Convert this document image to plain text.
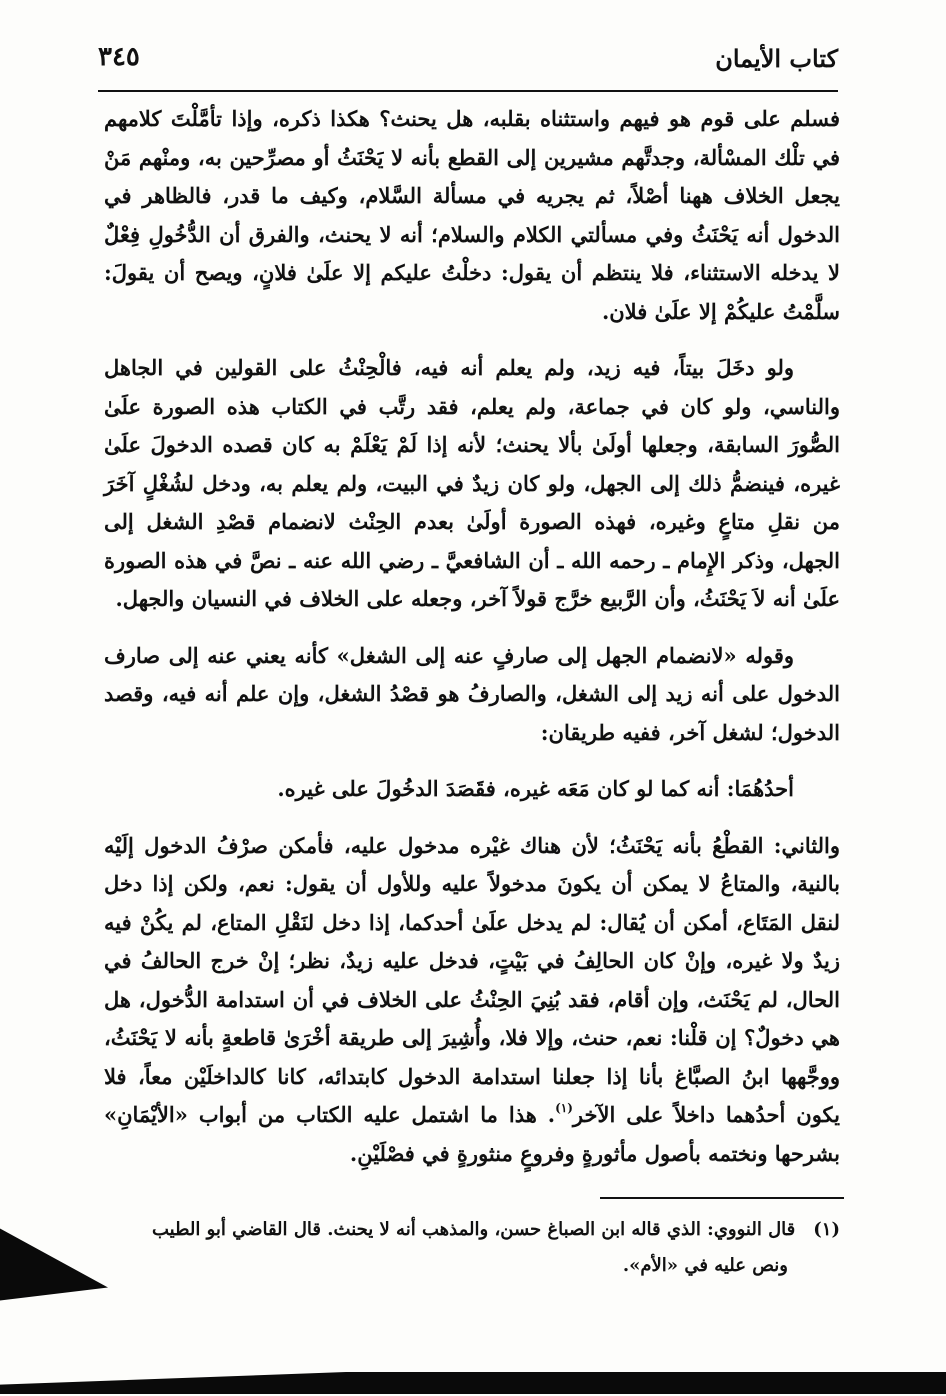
كتاب الأيمان
٣٤٥

فسلم على قوم هو فيهم واستثناه بقلبه، هل يحنث؟ هكذا ذكره، وإذا تأمَّلْتَ كلامهم في تلْك المسْألة، وجدتَّهم مشيرين إلى القطع بأنه لا يَحْنَثُ أو مصرِّحين به، ومنْهم مَنْ يجعل الخلاف ههنا أصْلاً، ثم يجريه في مسألة السَّلام، وكيف ما قدر، فالظاهر في الدخول أنه يَحْنَثُ وفي مسألتي الكلام والسلام؛ أنه لا يحنث، والفرق أن الدُّخُولِ فِعْلٌ لا يدخله الاستثناء، فلا ينتظم أن يقول: دخلْتُ عليكم إلا علَىٰ فلانٍ، ويصح أن يقولَ: سلَّمْتُ عليكُمْ إلا علَىٰ فلان.

ولو دخَلَ بيتاً، فيه زيد، ولم يعلم أنه فيه، فالْحِنْثُ على القولين في الجاهل والناسي، ولو كان في جماعة، ولم يعلم، فقد رتَّب في الكتاب هذه الصورة علَىٰ الصُّورَ السابقة، وجعلها أولَىٰ بألا يحنث؛ لأنه إذا لَمْ يَعْلَمْ به كان قصده الدخولَ علَىٰ غيره، فينضمُّ ذلك إلى الجهل، ولو كان زيدٌ في البيت، ولم يعلم به، ودخل لشُغْلٍ آخَرَ من نقلِ متاعٍ وغيره، فهذه الصورة أولَىٰ بعدم الحِنْث لانضمام قصْدِ الشغل إلى الجهل، وذكر الإِمام ـ رحمه الله ـ أن الشافعيَّ ـ رضي الله عنه ـ نصَّ في هذه الصورة علَىٰ أنه لاَ يَحْنَثُ، وأن الرَّبيع خرَّج قولاً آخر، وجعله على الخلاف في النسيان والجهل.

وقوله «لانضمام الجهل إلى صارفٍ عنه إلى الشغل» كأنه يعني عنه إلى صارف الدخول على أنه زيد إلى الشغل، والصارفُ هو قصْدُ الشغل، وإن علم أنه فيه، وقصد الدخول؛ لشغل آخر، ففيه طريقان:

أحدُهُمَا: أنه كما لو كان مَعَه غيره، فقَصَدَ الدخُولَ على غيره.

والثاني: القطْعُ بأنه يَحْنَثُ؛ لأن هناك غيْره مدخول عليه، فأمكن صرْفُ الدخول إلَيْه بالنية، والمتاعُ لا يمكن أن يكونَ مدخولاً عليه وللأول أن يقول: نعم، ولكن إذا دخل لنقل المَتَاع، أمكن أن يُقال: لم يدخل علَىٰ أحدكما، إذا دخل لنَقْلِ المتاع، لم يكُنْ فيه زيدٌ ولا غيره، وإنْ كان الحالِفُ في بَيْتٍ، فدخل عليه زيدٌ، نظر؛ إنْ خرج الحالفُ في الحال، لم يَحْنَث، وإن أقام، فقد بُنِيَ الحِنْثُ على الخلاف في أن استدامة الدُّخول، هل هي دخولٌ؟ إن قلْنا: نعم، حنث، وإلا فلا، وأُشِيرَ إلى طريقة أخْرَىٰ قاطعةٍ بأنه لا يَحْنَثُ، ووجَّهها ابنُ الصبَّاغ بأنا إذا جعلنا استدامة الدخول كابتدائه، كانا كالداخلَيْن معاً، فلا يكون أحدُهما داخلاً على الآخر$^{(١)}$. هذا ما اشتمل عليه الكتاب من أبواب «الأيْمَانِ» بشرحها ونختمه بأصول مأثورةٍ وفروعٍ منثورةٍ في فصْلَيْنِ.

(١)قال النووي: الذي قاله ابن الصباغ حسن، والمذهب أنه لا يحنث. قال القاضي أبو الطيب
ونص عليه في «الأم».
